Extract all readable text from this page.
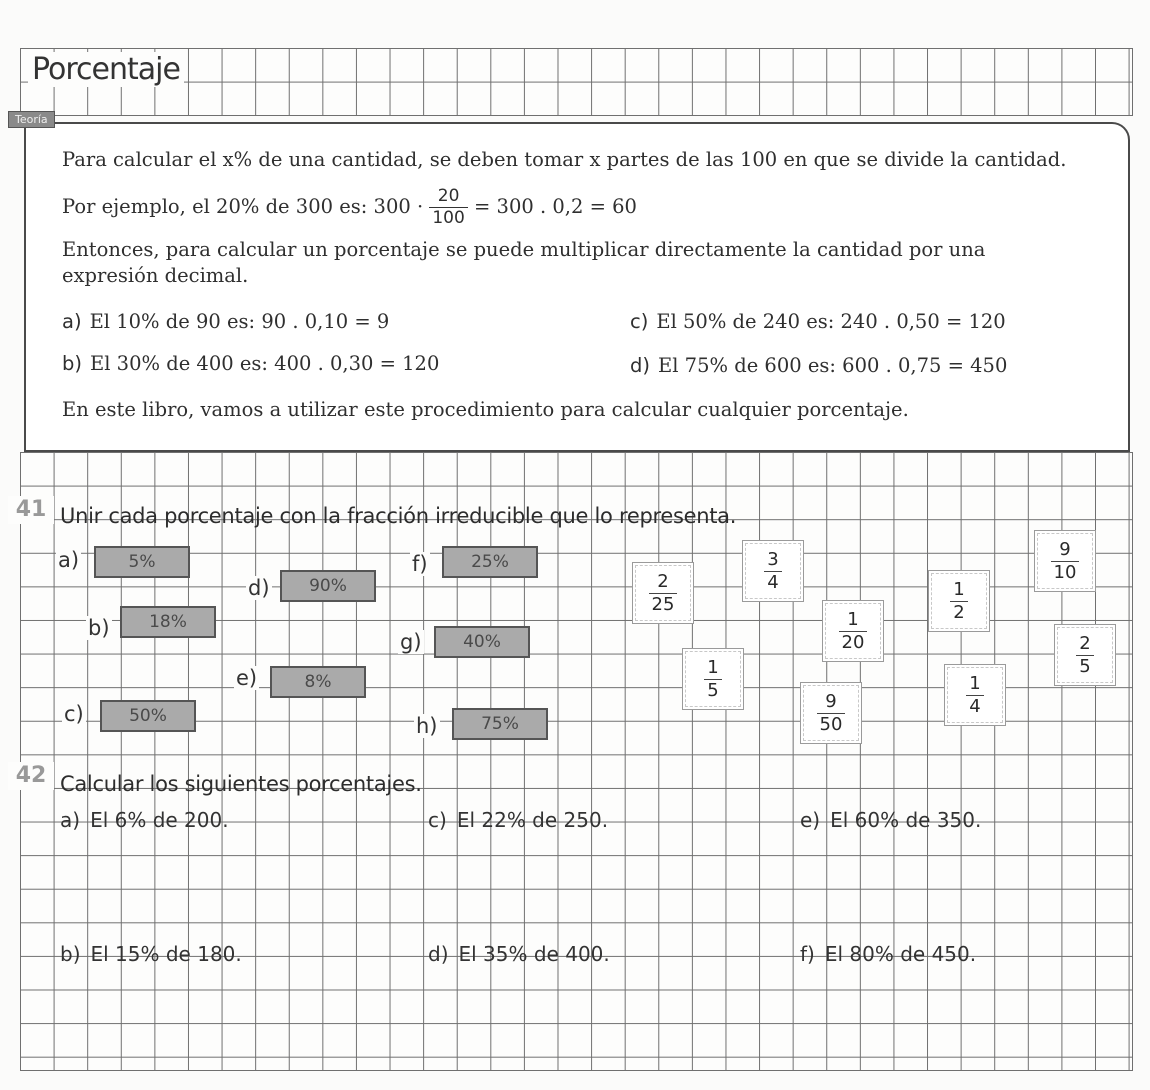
Porcentaje
Teoría
Para calcular el x% de una cantidad, se deben tomar x partes de las 100 en que se divide la cantidad.
Por ejemplo, el 20% de 300 es: $300 \cdot \frac{20}{100} = 300$ . 0,2 = 60
Entonces, para calcular un porcentaje se puede multiplicar directamente la cantidad por una
expresión decimal.
a) El 10% de 90 es: 90 . 0,10 = 9
b) El 30% de 400 es: 400 . 0,30 = 120
c) El 50% de 240 es: 240 . 0,50 = 120
d) El 75% de 600 es: 600 . 0,75 = 450
En este libro, vamos a utilizar este procedimiento para calcular cualquier porcentaje.
41 Unir cada porcentaje con la fracción irreducible que lo representa.
a)	5%
b)	18%
c)	50%
d)	90%
e)	8%
f)	25%
g)	40%
h)	75%
$\frac{2}{25}$
$\frac{3}{4}$
$\frac{1}{20}$
$\frac{1}{2}$
$\frac{9}{10}$
$\frac{2}{5}$
$\frac{1}{5}$
$\frac{9}{50}$	$\frac{1}{4}$
42 Calcular los siguientes porcentajes.
a) El 6% de 200.
b) El 15% de 180.
c) El 22% de 250.
d) El 35% de 400.
e) El 60% de 350.
f) El 80% de 450.
